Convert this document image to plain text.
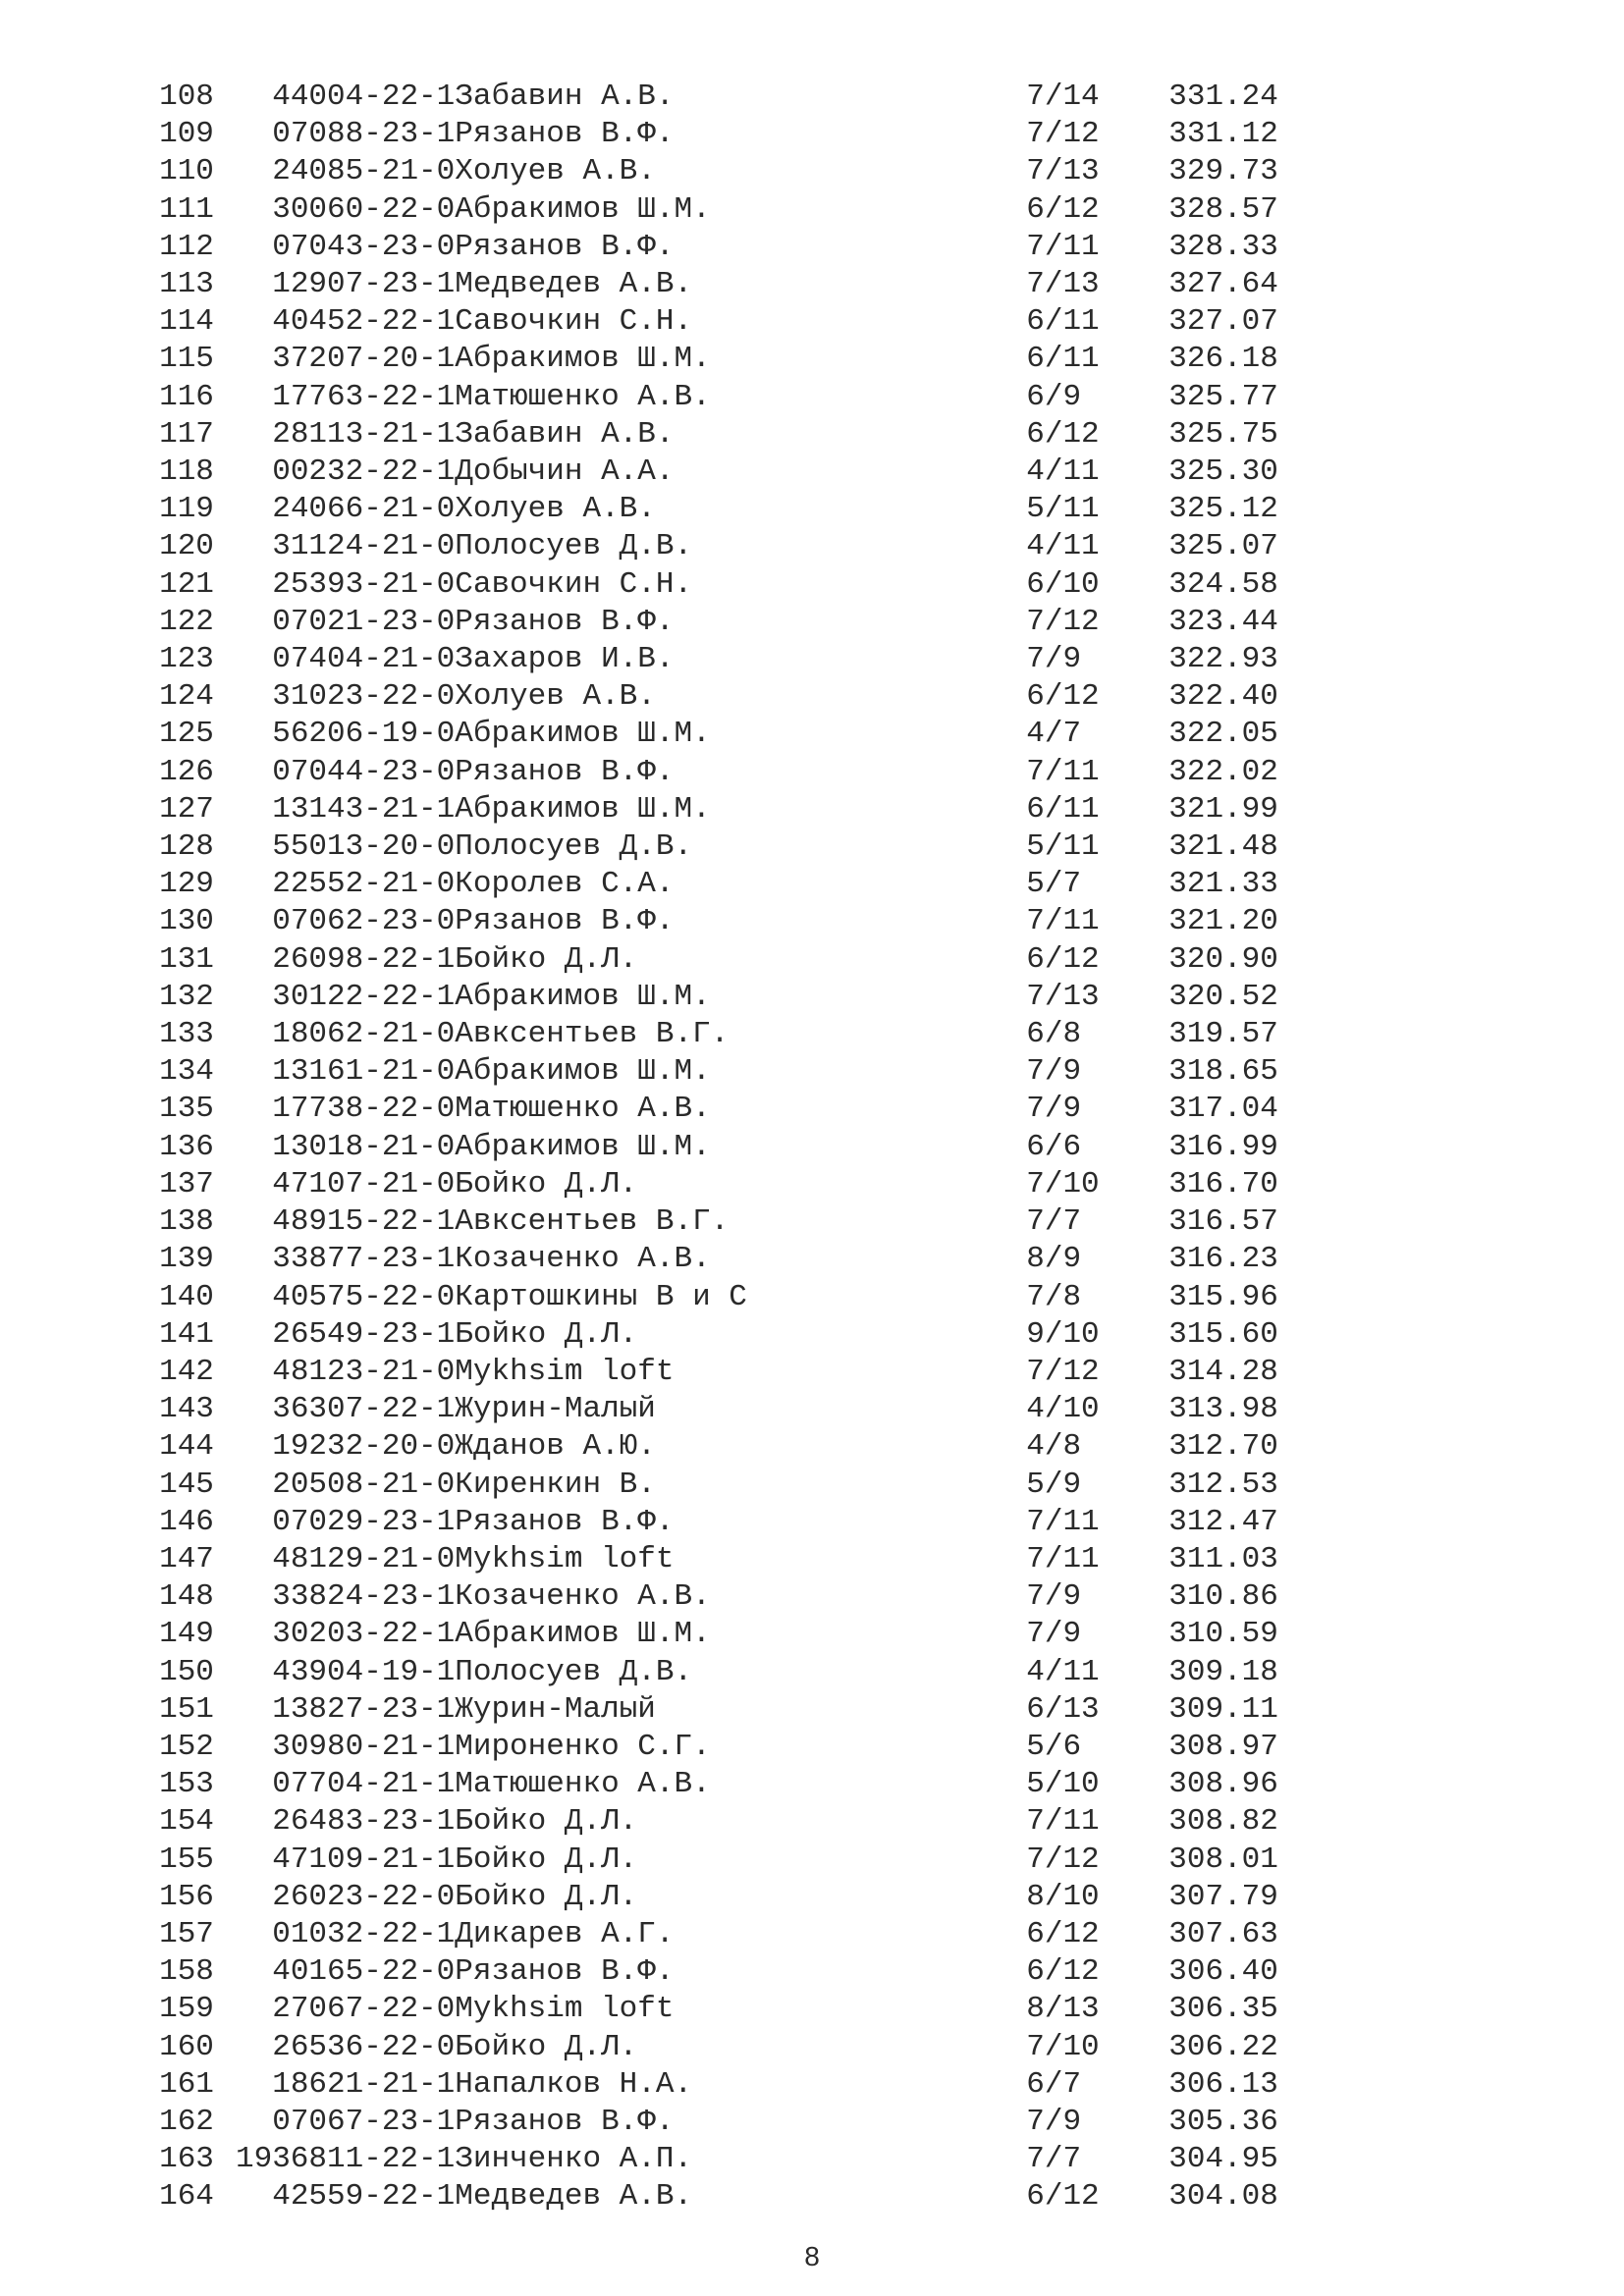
108	44004-22-1	Забавин А.В.	7/14	331.24
109	07088-23-1	Рязанов В.Ф.	7/12	331.12
110	24085-21-0	Холуев А.В.	7/13	329.73
111	30060-22-0	Абракимов Ш.М.	6/12	328.57
112	07043-23-0	Рязанов В.Ф.	7/11	328.33
113	12907-23-1	Медведев А.В.	7/13	327.64
114	40452-22-1	Савочкин С.Н.	6/11	327.07
115	37207-20-1	Абракимов Ш.М.	6/11	326.18
116	17763-22-1	Матюшенко А.В.	6/9	325.77
117	28113-21-1	Забавин А.В.	6/12	325.75
118	00232-22-1	Добычин А.А.	4/11	325.30
119	24066-21-0	Холуев А.В.	5/11	325.12
120	31124-21-0	Полосуев Д.В.	4/11	325.07
121	25393-21-0	Савочкин С.Н.	6/10	324.58
122	07021-23-0	Рязанов В.Ф.	7/12	323.44
123	07404-21-0	Захаров И.В.	7/9	322.93
124	31023-22-0	Холуев А.В.	6/12	322.40
125	56206-19-0	Абракимов Ш.М.	4/7	322.05
126	07044-23-0	Рязанов В.Ф.	7/11	322.02
127	13143-21-1	Абракимов Ш.М.	6/11	321.99
128	55013-20-0	Полосуев Д.В.	5/11	321.48
129	22552-21-0	Королев С.А.	5/7	321.33
130	07062-23-0	Рязанов В.Ф.	7/11	321.20
131	26098-22-1	Бойко Д.Л.	6/12	320.90
132	30122-22-1	Абракимов Ш.М.	7/13	320.52
133	18062-21-0	Авксентьев В.Г.	6/8	319.57
134	13161-21-0	Абракимов Ш.М.	7/9	318.65
135	17738-22-0	Матюшенко А.В.	7/9	317.04
136	13018-21-0	Абракимов Ш.М.	6/6	316.99
137	47107-21-0	Бойко Д.Л.	7/10	316.70
138	48915-22-1	Авксентьев В.Г.	7/7	316.57
139	33877-23-1	Козаченко А.В.	8/9	316.23
140	40575-22-0	Картошкины В и С	7/8	315.96
141	26549-23-1	Бойко Д.Л.	9/10	315.60
142	48123-21-0	Mykhsim loft	7/12	314.28
143	36307-22-1	Журин-Малый	4/10	313.98
144	19232-20-0	Жданов А.Ю.	4/8	312.70
145	20508-21-0	Киренкин В.	5/9	312.53
146	07029-23-1	Рязанов В.Ф.	7/11	312.47
147	48129-21-0	Mykhsim loft	7/11	311.03
148	33824-23-1	Козаченко А.В.	7/9	310.86
149	30203-22-1	Абракимов Ш.М.	7/9	310.59
150	43904-19-1	Полосуев Д.В.	4/11	309.18
151	13827-23-1	Журин-Малый	6/13	309.11
152	30980-21-1	Мироненко С.Г.	5/6	308.97
153	07704-21-1	Матюшенко А.В.	5/10	308.96
154	26483-23-1	Бойко Д.Л.	7/11	308.82
155	47109-21-1	Бойко Д.Л.	7/12	308.01
156	26023-22-0	Бойко Д.Л.	8/10	307.79
157	01032-22-1	Дикарев А.Г.	6/12	307.63
158	40165-22-0	Рязанов В.Ф.	6/12	306.40
159	27067-22-0	Mykhsim loft	8/13	306.35
160	26536-22-0	Бойко Д.Л.	7/10	306.22
161	18621-21-1	Напалков Н.А.	6/7	306.13
162	07067-23-1	Рязанов В.Ф.	7/9	305.36
163	1936811-22-1	Зинченко А.П.	7/7	304.95
164	42559-22-1	Медведев А.В.	6/12	304.08
8
